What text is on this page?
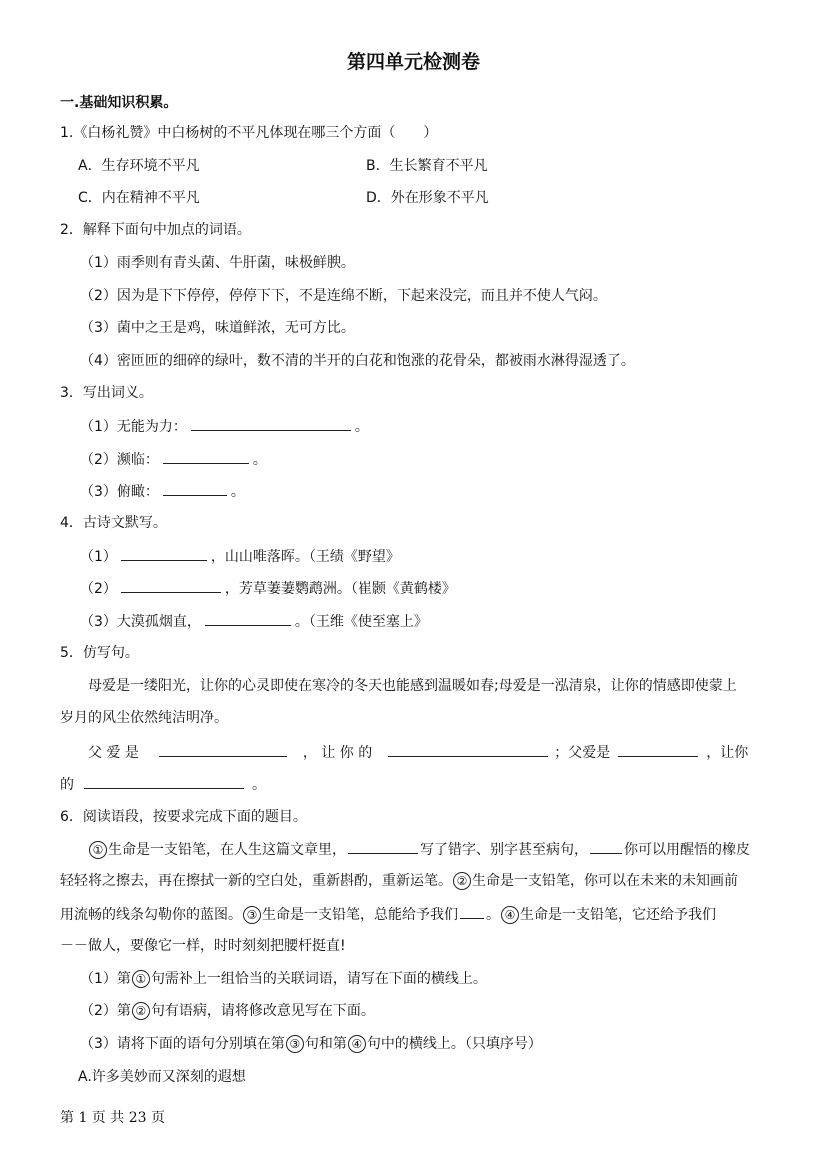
第四单元检测卷
一.基础知识积累。
1.《白杨礼赞》中白杨树的不平凡体现在哪三个方面（　　）
A．生存环境不平凡	B．生长繁育不平凡
C．内在精神不平凡	D．外在形象不平凡
2．解释下面句中加点的词语。
（1）雨季则有青头菌、牛肝菌，味极鲜腴。
（2）因为是下下停停，停停下下，不是连绵不断，下起来没完，而且并不使人气闷。
（3）菌中之王是鸡，味道鲜浓，无可方比。
（4）密匝匝的细碎的绿叶，数不清的半开的白花和饱涨的花骨朵，都被雨水淋得湿透了。
3．写出词义。
（1）无能为力：	。
（2）濒临：	。
（3）俯瞰：	。
4．古诗文默写。
（1）	，山山唯落晖。（王绩《野望》
（2）	，芳草萋萋鹦鹉洲。（崔颢《黄鹤楼》
（3）大漠孤烟直，	。（王维《使至塞上》
5．仿写句。
母爱是一缕阳光，让你的心灵即使在寒冷的冬天也能感到温暖如春;母爱是一泓清泉，让你的情感即使蒙上
岁月的风尘依然纯洁明净。
父 爱 是	， 让 你 的	；父爱是	，让你
的	。
6．阅读语段，按要求完成下面的题目。
① 生命是一支铅笔，在人生这篇文章里，	写了错字、别字甚至病句，	你可以用醒悟的橡皮
轻轻将之擦去，再在擦拭一新的空白处，重新斟酌，重新运笔。 ② 生命是一支铅笔，你可以在未来的未知画前
用流畅的线条勾勒你的蓝图。 ③ 生命是一支铅笔，总能给予我们 。 ④ 生命是一支铅笔，它还给予我们
－－做人，要像它一样，时时刻刻把腰杆挺直!
（1）第 ① 句需补上一组恰当的关联词语，请写在下面的横线上。
（2）第 ② 句有语病，请将修改意见写在下面。
（3）请将下面的语句分别填在第 ③ 句和第 ④ 句中的横线上。（只填序号）
A.许多美妙而又深刻的遐想
第 1 页 共 23 页
